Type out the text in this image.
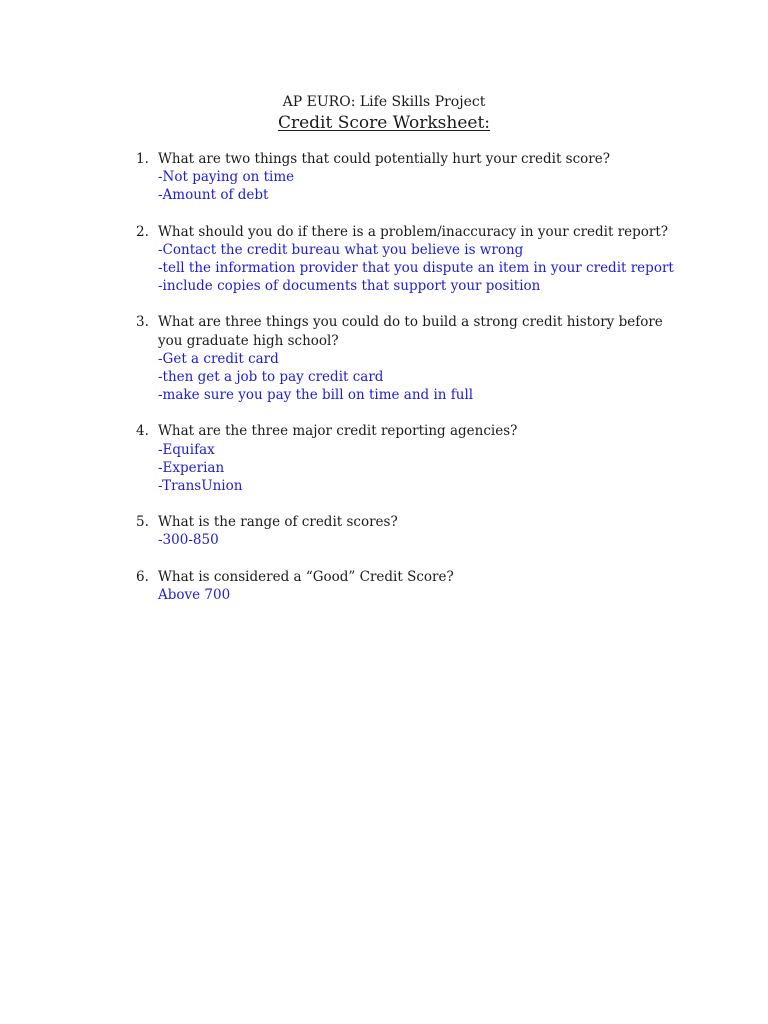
AP EURO: Life Skills Project
Credit Score Worksheet:
1. What are two things that could potentially hurt your credit score?
-Not paying on time
-Amount of debt
2. What should you do if there is a problem/inaccuracy in your credit report?
-Contact the credit bureau what you believe is wrong
-tell the information provider that you dispute an item in your credit report
-include copies of documents that support your position
3. What are three things you could do to build a strong credit history before you graduate high school?
-Get a credit card
-then get a job to pay credit card
-make sure you pay the bill on time and in full
4. What are the three major credit reporting agencies?
-Equifax
-Experian
-TransUnion
5. What is the range of credit scores?
-300-850
6. What is considered a “Good” Credit Score?
Above 700
